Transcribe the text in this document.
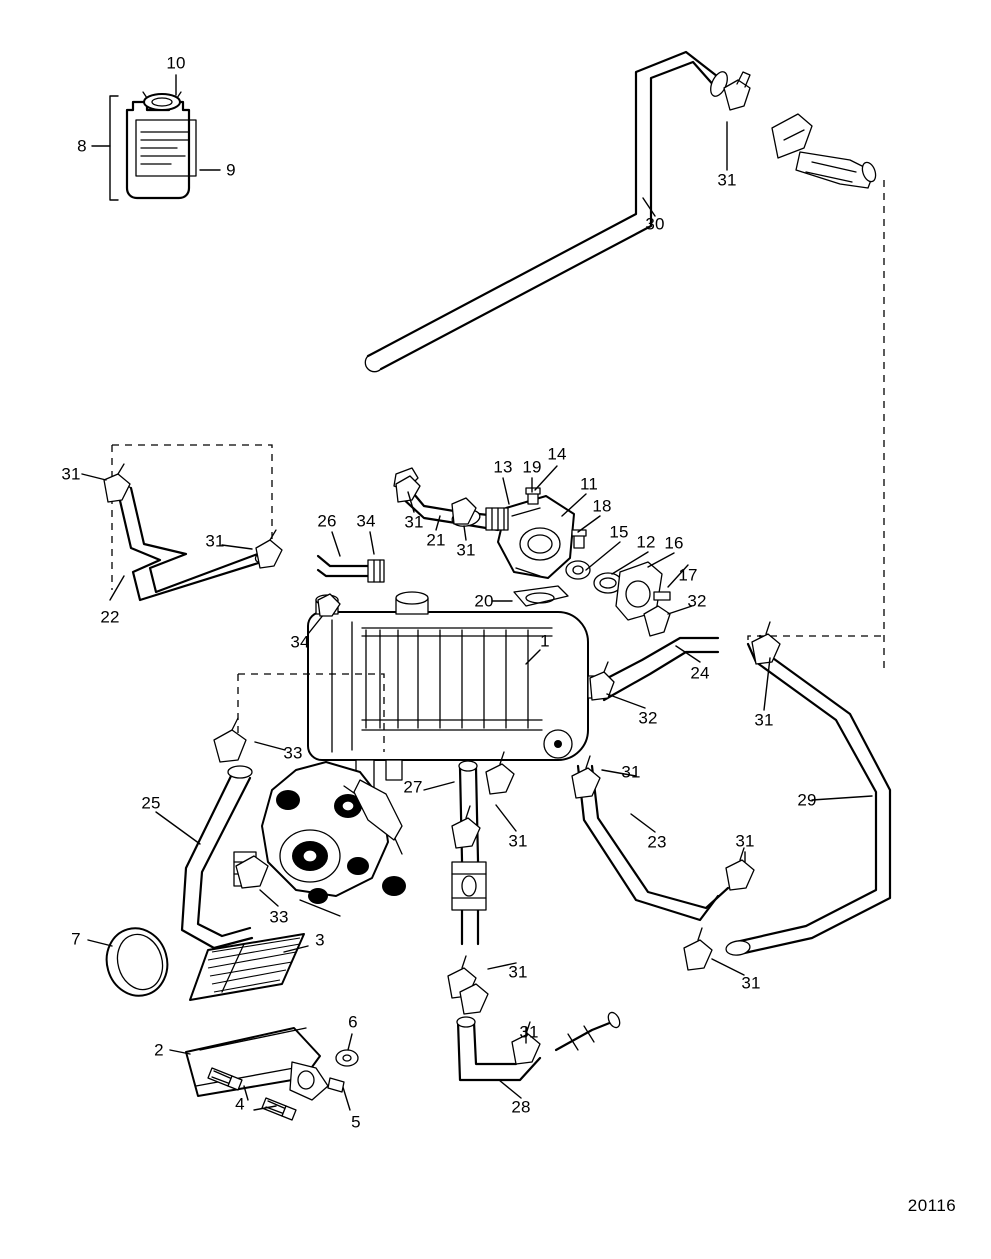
10
8
9
30
31
31
31
22
26 34
34
31
21
31
13 19
14
11
18
15
12 16
17
32
20
1
24
32	31
29
33
25
33
27
31
31	23	31
7	3
6
2
4
5
31
31
31
28
20116
